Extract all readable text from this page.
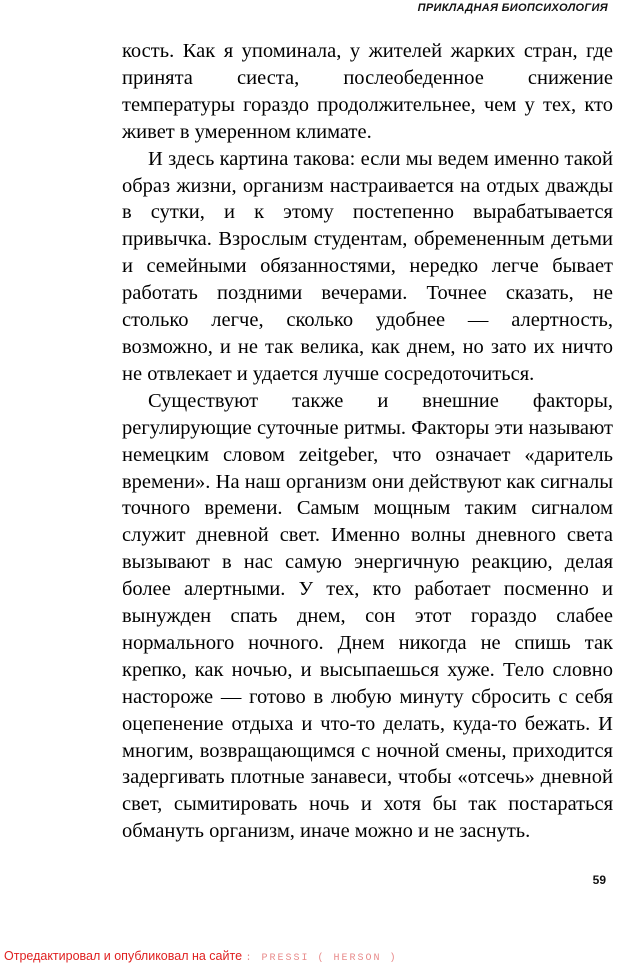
ПРИКЛАДНАЯ БИОПСИХОЛОГИЯ

кость. Как я упоминала, у жителей жарких стран, где принята сиеста, послеобеденное снижение температуры гораздо продолжительнее, чем у тех, кто живет в умеренном климате.

И здесь картина такова: если мы ведем именно такой образ жизни, организм настраивается на отдых дважды в сутки, и к этому постепенно вырабатывается привычка. Взрослым студентам, обремененным детьми и семейными обязанностями, нередко легче бывает работать поздними вечерами. Точнее сказать, не столько легче, сколько удобнее — алертность, возможно, и не так велика, как днем, но зато их ничто не отвлекает и удается лучше сосредоточиться.

Существуют также и внешние факторы, регулирующие суточные ритмы. Факторы эти называют немецким словом zeitgeber, что означает «даритель времени». На наш организм они действуют как сигналы точного времени. Самым мощным таким сигналом служит дневной свет. Именно волны дневного света вызывают в нас самую энергичную реакцию, делая более алертными. У тех, кто работает посменно и вынужден спать днем, сон этот гораздо слабее нормального ночного. Днем никогда не спишь так крепко, как ночью, и высыпаешься хуже. Тело словно настороже — готово в любую минуту сбросить с себя оцепенение отдыха и что-то делать, куда-то бежать. И многим, возвращающимся с ночной смены, приходится задергивать плотные занавеси, чтобы «отсечь» дневной свет, сымитировать ночь и хотя бы так постараться обмануть организм, иначе можно и не заснуть.

59
Отредактировал и опубликовал на сайте : PRESSI ( HERSON )
